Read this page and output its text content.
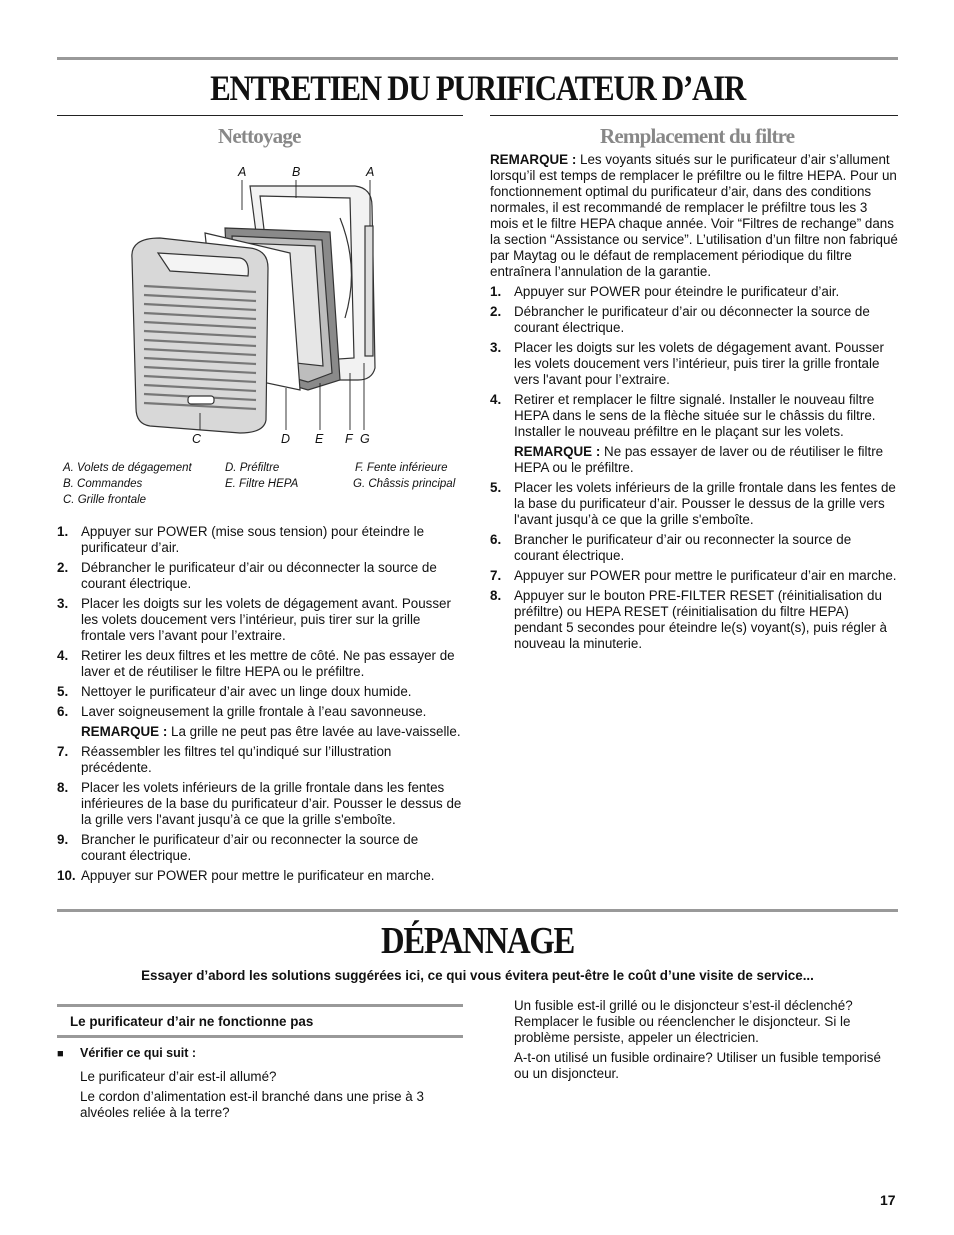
ENTRETIEN DU PURIFICATEUR D’AIR
Nettoyage	Remplacement du filtre
A	B	A
C	D E F G
A. Volets de dégagement
B. Commandes
C. Grille frontale
D. Préfiltre
E. Filtre HEPA
F. Fente inférieure
G. Châssis principal
1. Appuyer sur POWER (mise sous tension) pour éteindre le purificateur d’air.
2. Débrancher le purificateur d’air ou déconnecter la source de courant électrique.
3. Placer les doigts sur les volets de dégagement avant. Pousser les volets doucement vers l’intérieur, puis tirer sur la grille frontale vers l’avant pour l’extraire.
4. Retirer les deux filtres et les mettre de côté. Ne pas essayer de laver et de réutiliser le filtre HEPA ou le préfiltre.
5. Nettoyer le purificateur d’air avec un linge doux humide.
6. Laver soigneusement la grille frontale à l’eau savonneuse.
REMARQUE : La grille ne peut pas être lavée au lave-vaisselle.
7. Réassembler les filtres tel qu’indiqué sur l’illustration précédente.
8. Placer les volets inférieurs de la grille frontale dans les fentes inférieures de la base du purificateur d’air. Pousser le dessus de la grille vers l'avant jusqu’à ce que la grille s'emboîte.
9. Brancher le purificateur d’air ou reconnecter la source de courant électrique.
10. Appuyer sur POWER pour mettre le purificateur en marche.
REMARQUE : Les voyants situés sur le purificateur d’air s’allument lorsqu’il est temps de remplacer le préfiltre ou le filtre HEPA. Pour un fonctionnement optimal du purificateur d’air, dans des conditions normales, il est recommandé de remplacer le préfiltre tous les 3 mois et le filtre HEPA chaque année. Voir “Filtres de rechange” dans la section “Assistance ou service”. L’utilisation d’un filtre non fabriqué par Maytag ou le défaut de remplacement périodique du filtre entraînera l’annulation de la garantie.
1. Appuyer sur POWER pour éteindre le purificateur d’air.
2. Débrancher le purificateur d’air ou déconnecter la source de courant électrique.
3. Placer les doigts sur les volets de dégagement avant. Pousser les volets doucement vers l’intérieur, puis tirer la grille frontale vers l'avant pour l’extraire.
4. Retirer et remplacer le filtre signalé. Installer le nouveau filtre HEPA dans le sens de la flèche située sur le châssis du filtre. Installer le nouveau préfiltre en le plaçant sur les volets.
REMARQUE : Ne pas essayer de laver ou de réutiliser le filtre HEPA ou le préfiltre.
5. Placer les volets inférieurs de la grille frontale dans les fentes de la base du purificateur d’air. Pousser le dessus de la grille vers l'avant jusqu’à ce que la grille s'emboîte.
6. Brancher le purificateur d’air ou reconnecter la source de courant électrique.
7. Appuyer sur POWER pour mettre le purificateur d’air en marche.
8. Appuyer sur le bouton PRE-FILTER RESET (réinitialisation du préfiltre) ou HEPA RESET (réinitialisation du filtre HEPA) pendant 5 secondes pour éteindre le(s) voyant(s), puis régler à nouveau la minuterie.
DÉPANNAGE
Essayer d’abord les solutions suggérées ici, ce qui vous évitera peut-être le coût d’une visite de service...
Le purificateur d’air ne fonctionne pas
■ Vérifier ce qui suit :
Le purificateur d’air est-il allumé?
Le cordon d’alimentation est-il branché dans une prise à 3 alvéoles reliée à la terre?
Un fusible est-il grillé ou le disjoncteur s’est-il déclenché? Remplacer le fusible ou réenclencher le disjoncteur. Si le problème persiste, appeler un électricien.
A-t-on utilisé un fusible ordinaire? Utiliser un fusible temporisé ou un disjoncteur.
17
